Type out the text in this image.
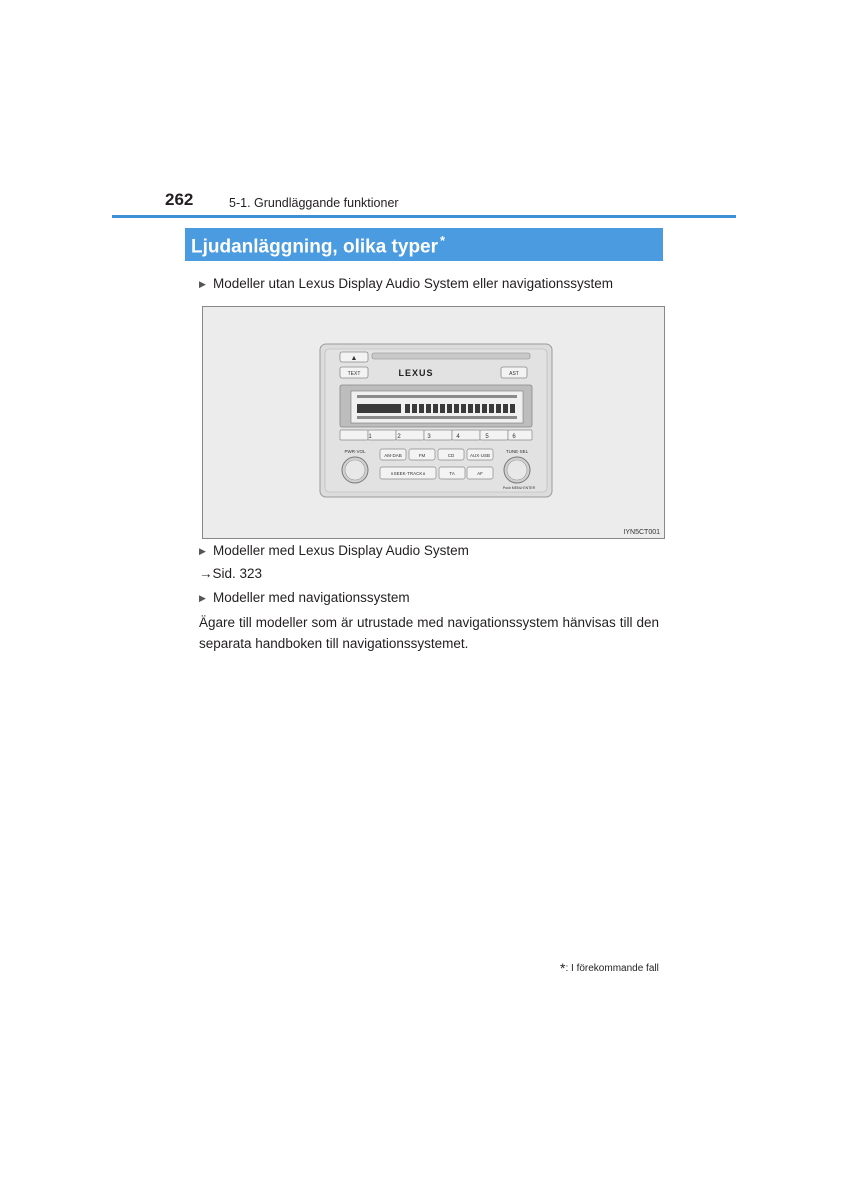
262	5-1. Grundläggande funktioner
Ljudanläggning, olika typer *
▶ Modeller utan Lexus Display Audio System eller navigationssystem
▲
TEXT	LEXUS	AST
1	2	3	4	5	6
PWR·VOL	TUNE·SEL
AM·DAB	FM	CD	AUX·USB
∨SEEK·TRACK∧	TA	AF
Push MENU·ENTER
IYN5CT001
▶ Modeller med Lexus Display Audio System
→Sid. 323
▶ Modeller med navigationssystem
Ägare till modeller som är utrustade med navigationssystem hänvisas till den separata handboken till navigationssystemet.
*: I förekommande fall
